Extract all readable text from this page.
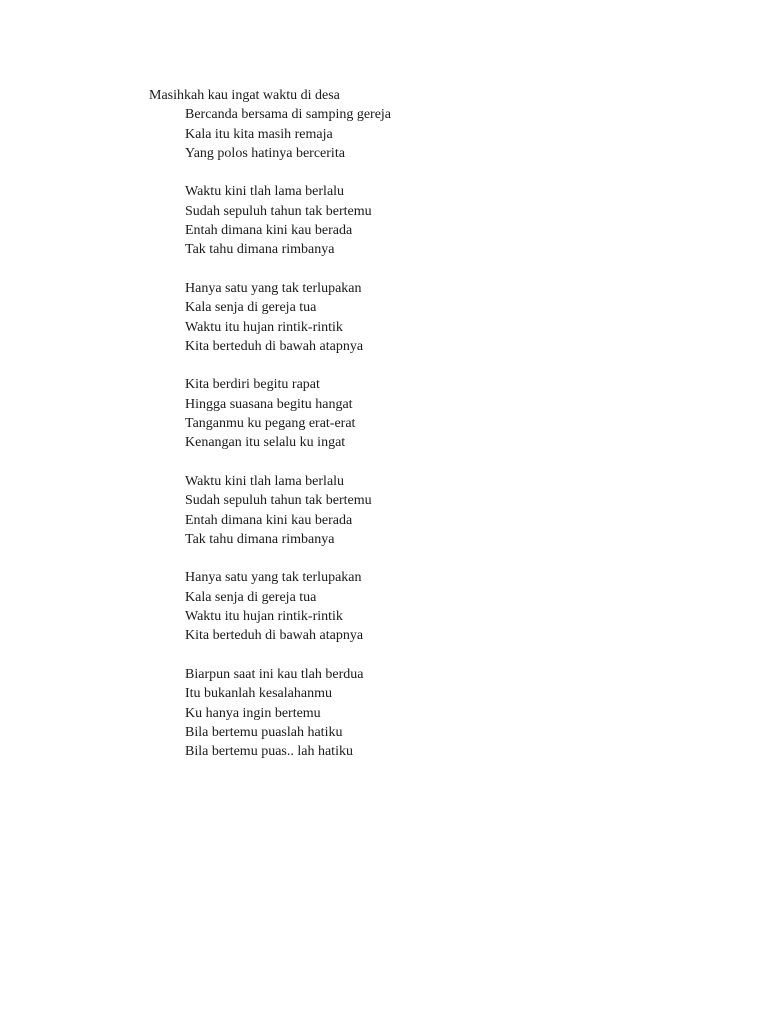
Masihkah kau ingat waktu di desa
Bercanda bersama di samping gereja
Kala itu kita masih remaja
Yang polos hatinya bercerita
Waktu kini tlah lama berlalu
Sudah sepuluh tahun tak bertemu
Entah dimana kini kau berada
Tak tahu dimana rimbanya
Hanya satu yang tak terlupakan
Kala senja di gereja tua
Waktu itu hujan rintik-rintik
Kita berteduh di bawah atapnya
Kita berdiri begitu rapat
Hingga suasana begitu hangat
Tanganmu ku pegang erat-erat
Kenangan itu selalu ku ingat
Waktu kini tlah lama berlalu
Sudah sepuluh tahun tak bertemu
Entah dimana kini kau berada
Tak tahu dimana rimbanya
Hanya satu yang tak terlupakan
Kala senja di gereja tua
Waktu itu hujan rintik-rintik
Kita berteduh di bawah atapnya
Biarpun saat ini kau tlah berdua
Itu bukanlah kesalahanmu
Ku hanya ingin bertemu
Bila bertemu puaslah hatiku
Bila bertemu puas.. lah hatiku
